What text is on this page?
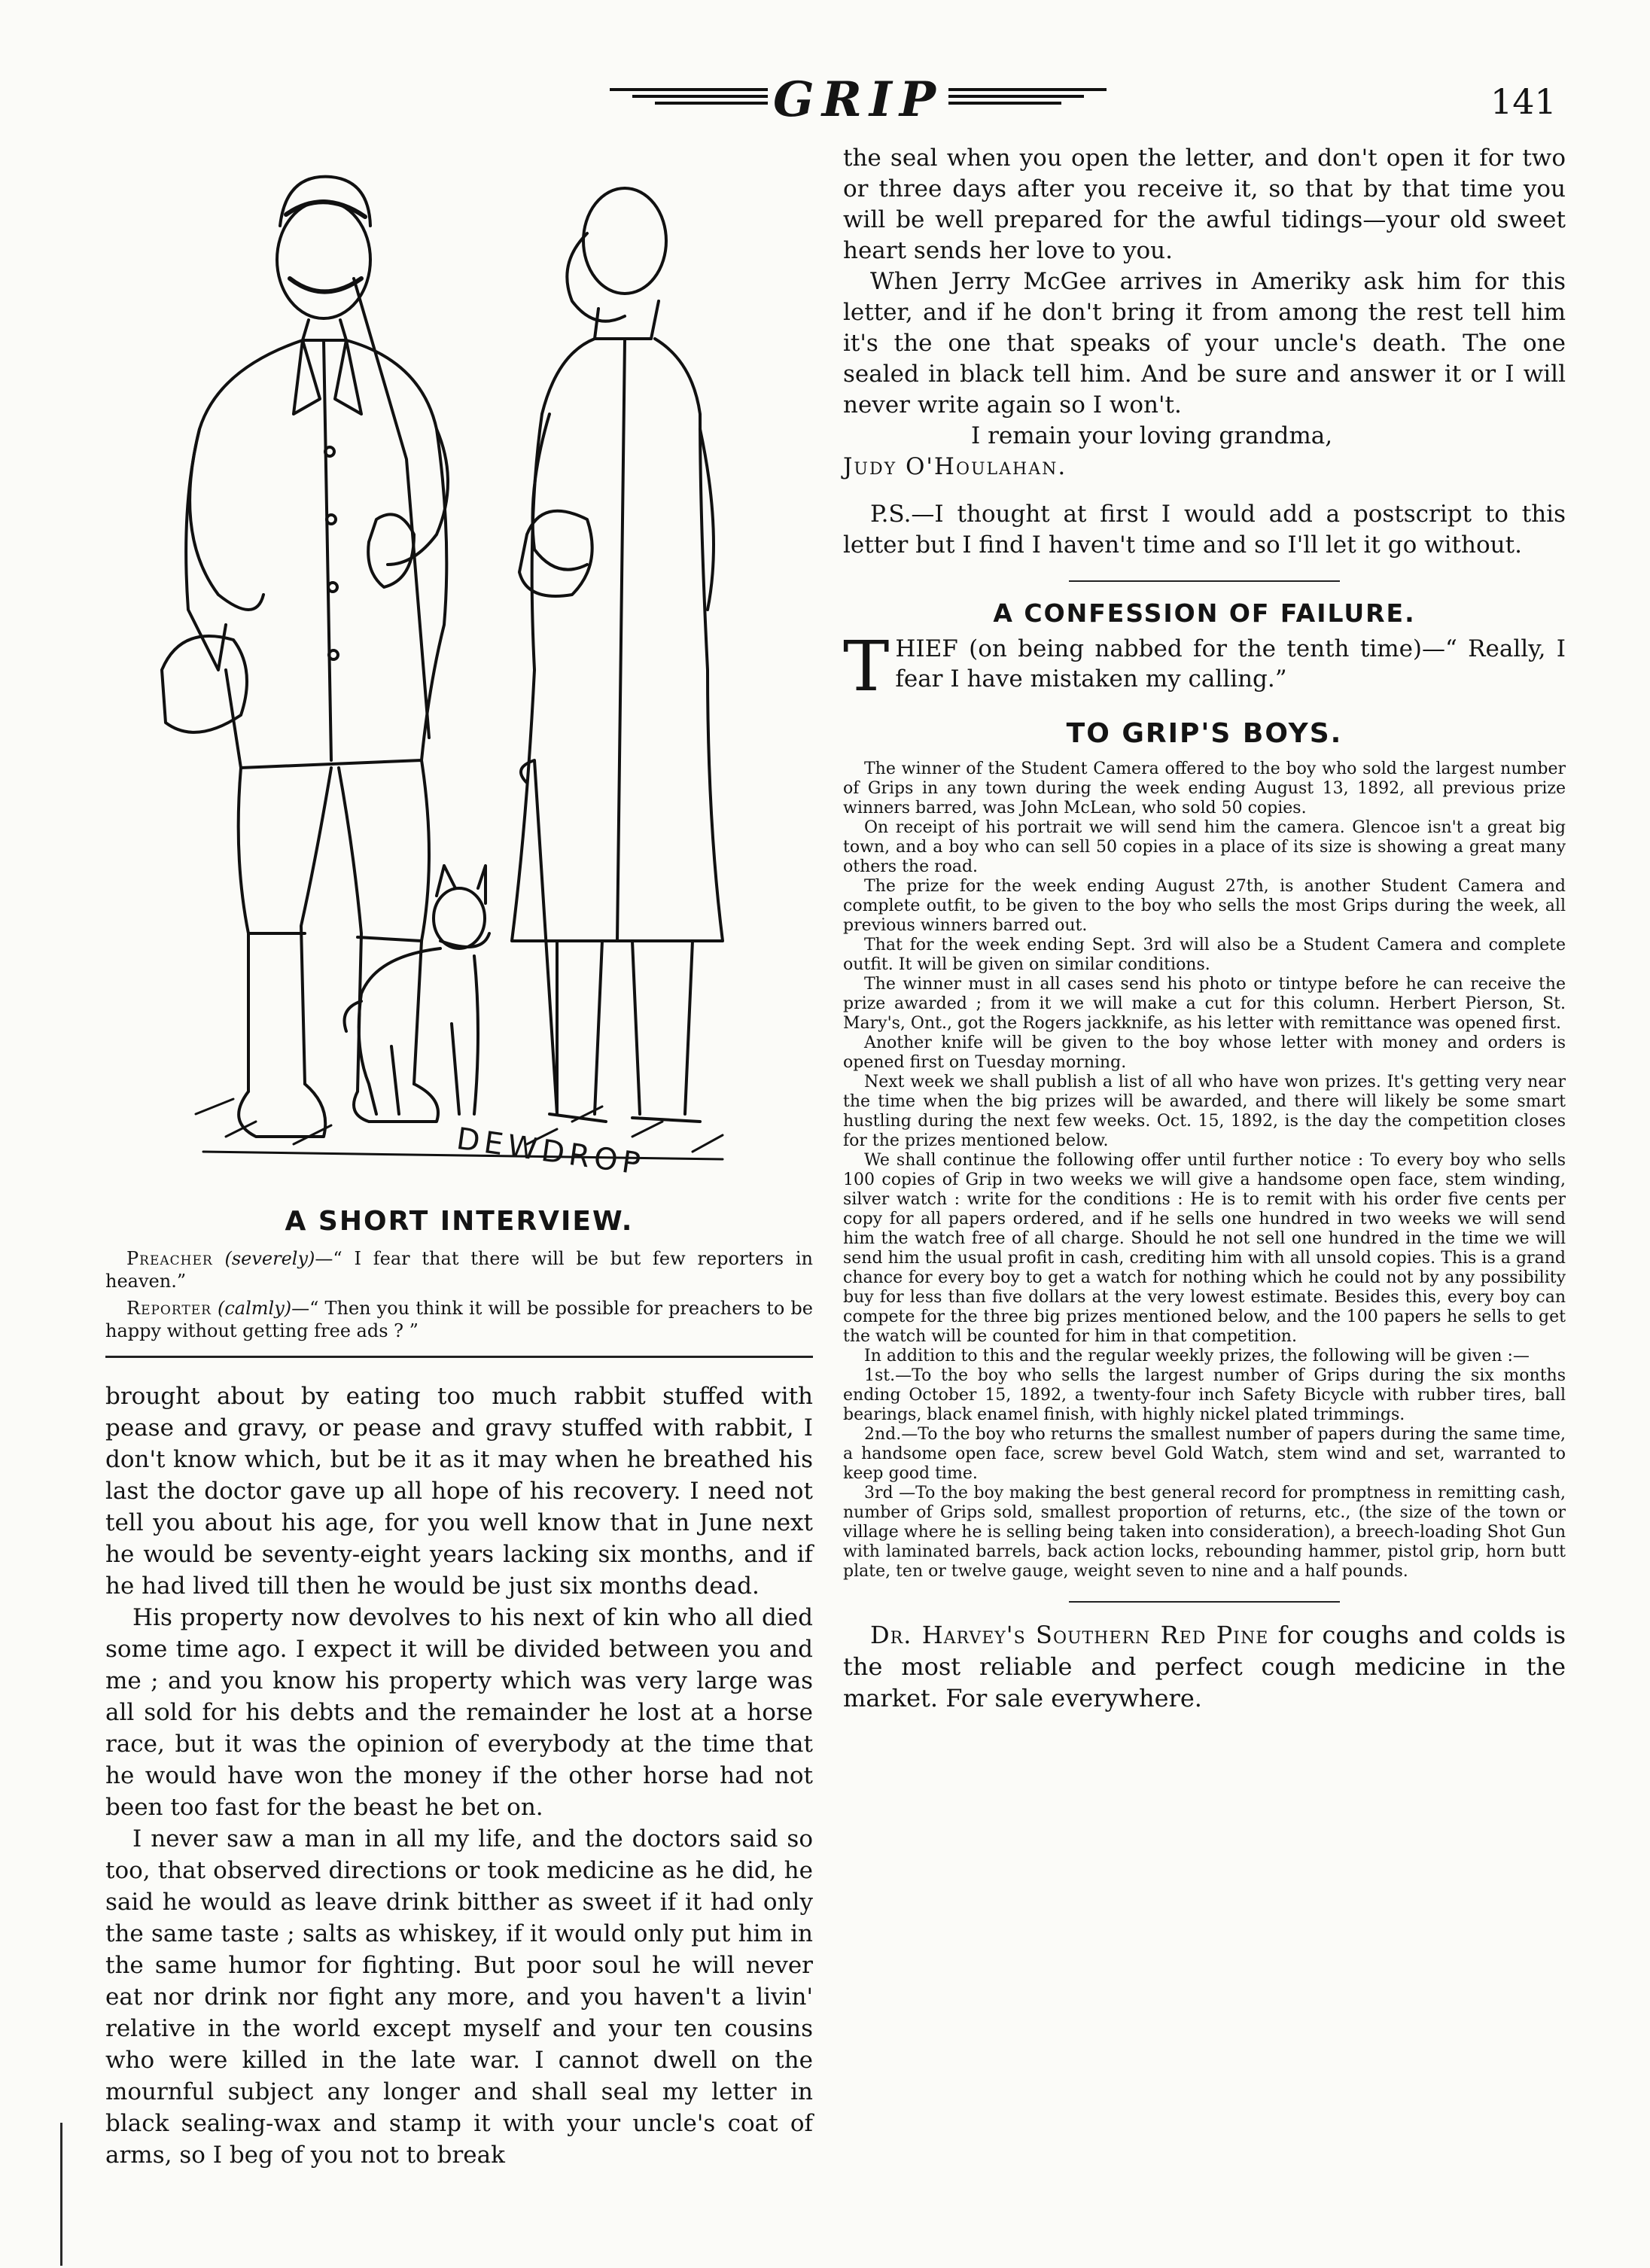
GRIP	141
DEWDROP
A SHORT INTERVIEW.

Preacher (severely)—“ I fear that there will be but few reporters in heaven.”

Reporter (calmly)—“ Then you think it will be possible for preachers to be happy without getting free ads ? ”

brought about by eating too much rabbit stuffed with pease and gravy, or pease and gravy stuffed with rabbit, I don't know which, but be it as it may when he breathed his last the doctor gave up all hope of his recovery. I need not tell you about his age, for you well know that in June next he would be seventy-eight years lacking six months, and if he had lived till then he would be just six months dead.

His property now devolves to his next of kin who all died some time ago. I expect it will be divided between you and me ; and you know his property which was very large was all sold for his debts and the remainder he lost at a horse race, but it was the opinion of everybody at the time that he would have won the money if the other horse had not been too fast for the beast he bet on.

I never saw a man in all my life, and the doctors said so too, that observed directions or took medicine as he did, he said he would as leave drink bitther as sweet if it had only the same taste ; salts as whiskey, if it would only put him in the same humor for fighting. But poor soul he will never eat nor drink nor fight any more, and you haven't a livin' relative in the world except myself and your ten cousins who were killed in the late war. I cannot dwell on the mournful subject any longer and shall seal my letter in black sealing-wax and stamp it with your uncle's coat of arms, so I beg of you not to break

the seal when you open the letter, and don't open it for two or three days after you receive it, so that by that time you will be well prepared for the awful tidings—your old sweet heart sends her love to you.

When Jerry McGee arrives in Ameriky ask him for this letter, and if he don't bring it from among the rest tell him it's the one that speaks of your uncle's death. The one sealed in black tell him. And be sure and answer it or I will never write again so I won't.

I remain your loving grandma,

Judy O'Houlahan.

P.S.—I thought at first I would add a postscript to this letter but I find I haven't time and so I'll let it go without.

A CONFESSION OF FAILURE.

THIEF (on being nabbed for the tenth time)—“ Really, I fear I have mistaken my calling.”

TO GRIP'S BOYS.

The winner of the Student Camera offered to the boy who sold the largest number of Grips in any town during the week ending August 13, 1892, all previous prize winners barred, was John McLean, who sold 50 copies.

On receipt of his portrait we will send him the camera. Glencoe isn't a great big town, and a boy who can sell 50 copies in a place of its size is showing a great many others the road.

The prize for the week ending August 27th, is another Student Camera and complete outfit, to be given to the boy who sells the most Grips during the week, all previous winners barred out.

That for the week ending Sept. 3rd will also be a Student Camera and complete outfit. It will be given on similar conditions.

The winner must in all cases send his photo or tintype before he can receive the prize awarded ; from it we will make a cut for this column. Herbert Pierson, St. Mary's, Ont., got the Rogers jackknife, as his letter with remittance was opened first.

Another knife will be given to the boy whose letter with money and orders is opened first on Tuesday morning.

Next week we shall publish a list of all who have won prizes. It's getting very near the time when the big prizes will be awarded, and there will likely be some smart hustling during the next few weeks. Oct. 15, 1892, is the day the competition closes for the prizes mentioned below.

We shall continue the following offer until further notice : To every boy who sells 100 copies of Grip in two weeks we will give a handsome open face, stem winding, silver watch : write for the conditions : He is to remit with his order five cents per copy for all papers ordered, and if he sells one hundred in two weeks we will send him the watch free of all charge. Should he not sell one hundred in the time we will send him the usual profit in cash, crediting him with all unsold copies. This is a grand chance for every boy to get a watch for nothing which he could not by any possibility buy for less than five dollars at the very lowest estimate. Besides this, every boy can compete for the three big prizes mentioned below, and the 100 papers he sells to get the watch will be counted for him in that competition.

In addition to this and the regular weekly prizes, the following will be given :—

1st.—To the boy who sells the largest number of Grips during the six months ending October 15, 1892, a twenty-four inch Safety Bicycle with rubber tires, ball bearings, black enamel finish, with highly nickel plated trimmings.

2nd.—To the boy who returns the smallest number of papers during the same time, a handsome open face, screw bevel Gold Watch, stem wind and set, warranted to keep good time.

3rd —To the boy making the best general record for promptness in remitting cash, number of Grips sold, smallest proportion of returns, etc., (the size of the town or village where he is selling being taken into consideration), a breech-loading Shot Gun with laminated barrels, back action locks, rebounding hammer, pistol grip, horn butt plate, ten or twelve gauge, weight seven to nine and a half pounds.

Dr. Harvey's Southern Red Pine for coughs and colds is the most reliable and perfect cough medicine in the market. For sale everywhere.
